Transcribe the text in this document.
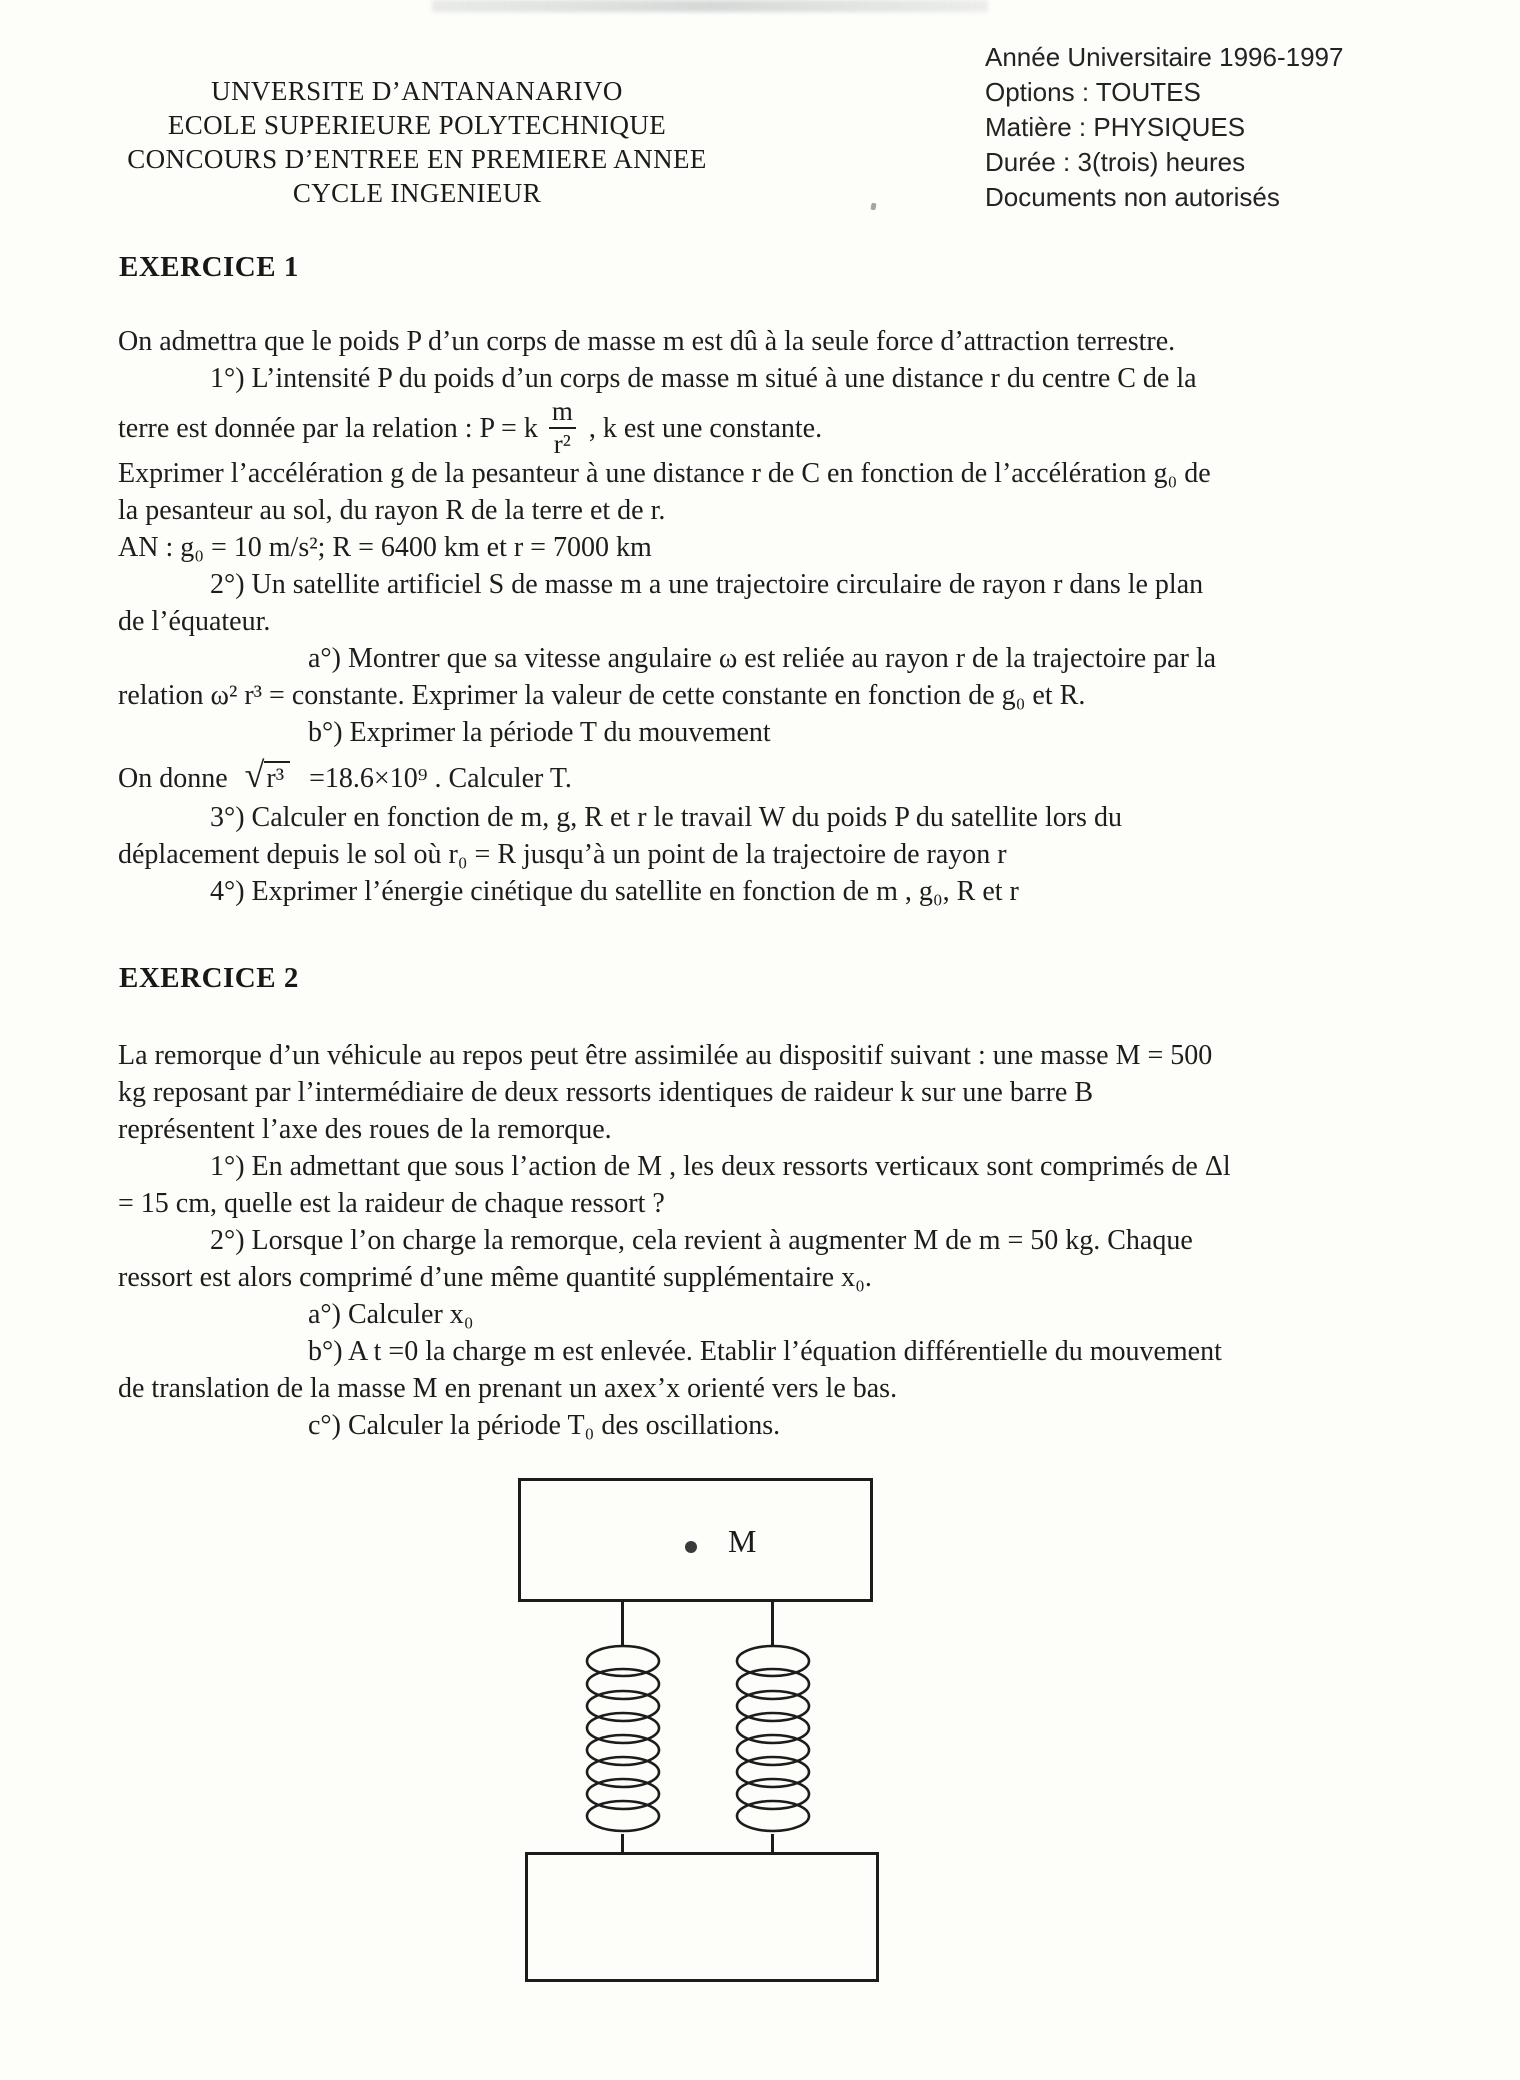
UNVERSITE D’ANTANANARIVO
ECOLE SUPERIEURE POLYTECHNIQUE
CONCOURS D’ENTREE EN PREMIERE ANNEE
CYCLE INGENIEUR
Année Universitaire 1996-1997
Options : TOUTES
Matière : PHYSIQUES
Durée : 3(trois) heures
Documents non autorisés
EXERCICE 1
On admettra que le poids P d’un corps de masse m est dû à la seule force d’attraction terrestre.
1°) L’intensité P du poids d’un corps de masse m situé à une distance r du centre C de la
terre est donnée par la relation : P = k $\frac{m}{\text{r²}}$ , k est une constante.
Exprimer l’accélération g de la pesanteur à une distance r de C en fonction de l’accélération g₀ de
la pesanteur au sol, du rayon R de la terre et de r.
AN : g₀ = 10 m/s²; R = 6400 km et r = 7000 km
2°) Un satellite artificiel S de masse m a une trajectoire circulaire de rayon r dans le plan
de l’équateur.
a°) Montrer que sa vitesse angulaire ω est reliée au rayon r de la trajectoire par la
relation ω² r³ = constante. Exprimer la valeur de cette constante en fonction de g₀ et R.
b°) Exprimer la période T du mouvement
On donne √r³ =18.6×10⁹ . Calculer T.
3°) Calculer en fonction de m, g, R et r le travail W du poids P du satellite lors du
déplacement depuis le sol où r₀ = R jusqu’à un point de la trajectoire de rayon r
4°) Exprimer l’énergie cinétique du satellite en fonction de m , g₀, R et r
EXERCICE 2
La remorque d’un véhicule au repos peut être assimilée au dispositif suivant : une masse M = 500
kg reposant par l’intermédiaire de deux ressorts identiques de raideur k sur une barre B
représentent l’axe des roues de la remorque.
1°) En admettant que sous l’action de M , les deux ressorts verticaux sont comprimés de Δl
= 15 cm, quelle est la raideur de chaque ressort ?
2°) Lorsque l’on charge la remorque, cela revient à augmenter M de m = 50 kg. Chaque
ressort est alors comprimé d’une même quantité supplémentaire x₀.
a°) Calculer x₀
b°) A t =0 la charge m est enlevée. Etablir l’équation différentielle du mouvement
de translation de la masse M en prenant un axex’x orienté vers le bas.
c°) Calculer la période T₀ des oscillations.
M
